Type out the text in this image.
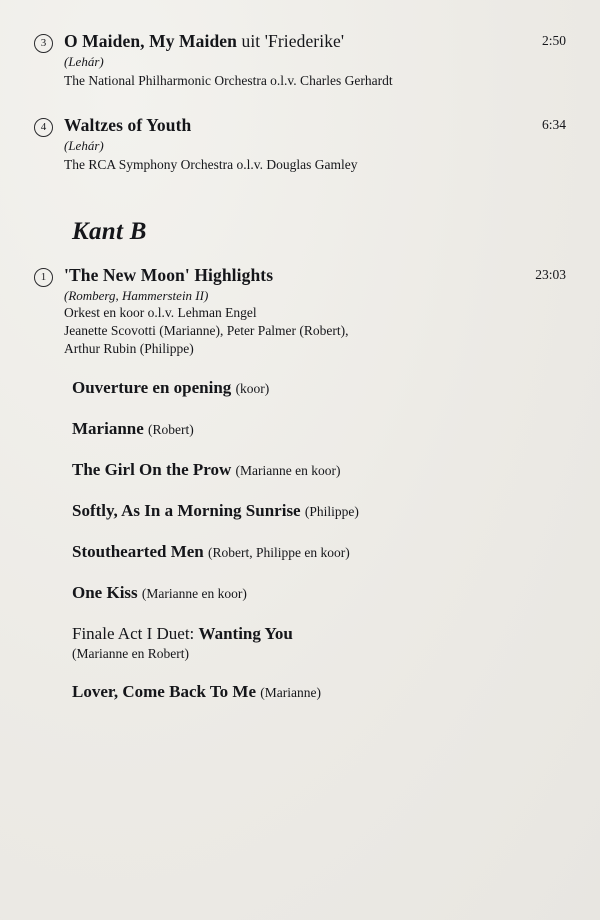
3	O Maiden, My Maiden uit 'Friederike'
(Lehár)
The National Philharmonic Orchestra o.l.v. Charles Gerhardt
2:50
4	Waltzes of Youth
(Lehár)
The RCA Symphony Orchestra o.l.v. Douglas Gamley
6:34
Kant B
1	'The New Moon' Highlights
(Romberg, Hammerstein II)
Orkest en koor o.l.v. Lehman Engel
Jeanette Scovotti (Marianne), Peter Palmer (Robert),
Arthur Rubin (Philippe)
23:03
Ouverture en opening (koor)
Marianne (Robert)
The Girl On the Prow (Marianne en koor)
Softly, As In a Morning Sunrise (Philippe)
Stouthearted Men (Robert, Philippe en koor)
One Kiss (Marianne en koor)
Finale Act I Duet: Wanting You
(Marianne en Robert)
Lover, Come Back To Me (Marianne)
